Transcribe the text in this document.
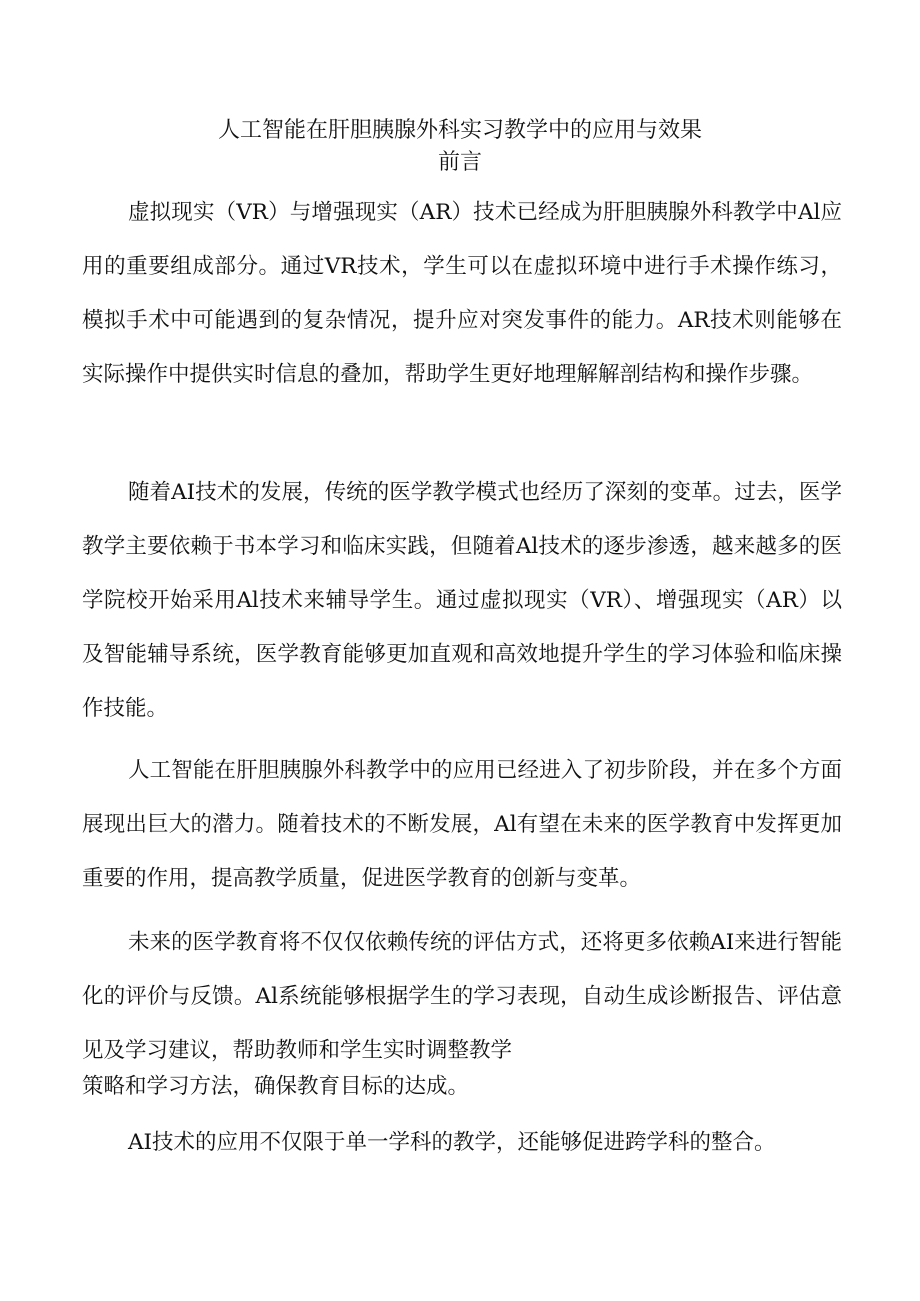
人工智能在肝胆胰腺外科实习教学中的应用与效果
前言

虚拟现实（VR）与增强现实（AR）技术已经成为肝胆胰腺外科教学中Al应用的重要组成部分。通过VR技术，学生可以在虚拟环境中进行手术操作练习，模拟手术中可能遇到的复杂情况，提升应对突发事件的能力。AR技术则能够在实际操作中提供实时信息的叠加，帮助学生更好地理解解剖结构和操作步骤。

随着AI技术的发展，传统的医学教学模式也经历了深刻的变革。过去，医学教学主要依赖于书本学习和临床实践，但随着Al技术的逐步渗透，越来越多的医学院校开始采用Al技术来辅导学生。通过虚拟现实（VR）、增强现实（AR）以及智能辅导系统，医学教育能够更加直观和高效地提升学生的学习体验和临床操作技能。

人工智能在肝胆胰腺外科教学中的应用已经进入了初步阶段，并在多个方面展现出巨大的潜力。随着技术的不断发展，Al有望在未来的医学教育中发挥更加重要的作用，提高教学质量，促进医学教育的创新与变革。

未来的医学教育将不仅仅依赖传统的评估方式，还将更多依赖AI来进行智能化的评价与反馈。Al系统能够根据学生的学习表现，自动生成诊断报告、评估意见及学习建议，帮助教师和学生实时调整教学

策略和学习方法，确保教育目标的达成。

AI技术的应用不仅限于单一学科的教学，还能够促进跨学科的整合。
